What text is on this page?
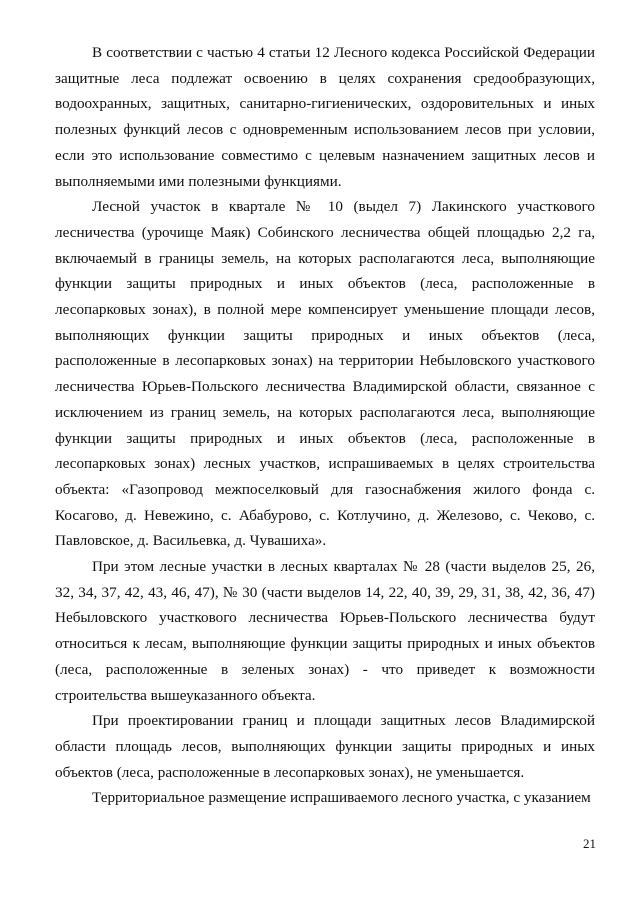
В соответствии с частью 4 статьи 12 Лесного кодекса Российской Федерации защитные леса подлежат освоению в целях сохранения средообразующих, водоохранных, защитных, санитарно-гигиенических, оздоровительных и иных полезных функций лесов с одновременным использованием лесов при условии, если это использование совместимо с целевым назначением защитных лесов и выполняемыми ими полезными функциями.

Лесной участок в квартале № 10 (выдел 7) Лакинского участкового лесничества (урочище Маяк) Собинского лесничества общей площадью 2,2 га, включаемый в границы земель, на которых располагаются леса, выполняющие функции защиты природных и иных объектов (леса, расположенные в лесопарковых зонах), в полной мере компенсирует уменьшение площади лесов, выполняющих функции защиты природных и иных объектов (леса, расположенные в лесопарковых зонах) на территории Небыловского участкового лесничества Юрьев-Польского лесничества Владимирской области, связанное с исключением из границ земель, на которых располагаются леса, выполняющие функции защиты природных и иных объектов (леса, расположенные в лесопарковых зонах) лесных участков, испрашиваемых в целях строительства объекта: «Газопровод межпоселковый для газоснабжения жилого фонда с. Косагово, д. Невежино, с. Абабурово, с. Котлучино, д. Железово, с. Чеково, с. Павловское, д. Васильевка, д. Чувашиха».

При этом лесные участки в лесных кварталах № 28 (части выделов 25, 26, 32, 34, 37, 42, 43, 46, 47), № 30 (части выделов 14, 22, 40, 39, 29, 31, 38, 42, 36, 47) Небыловского участкового лесничества Юрьев-Польского лесничества будут относиться к лесам, выполняющие функции защиты природных и иных объектов (леса, расположенные в зеленых зонах) - что приведет к возможности строительства вышеуказанного объекта.

При проектировании границ и площади защитных лесов Владимирской области площадь лесов, выполняющих функции защиты природных и иных объектов (леса, расположенные в лесопарковых зонах), не уменьшается.

Территориальное размещение испрашиваемого лесного участка, с указанием

21
